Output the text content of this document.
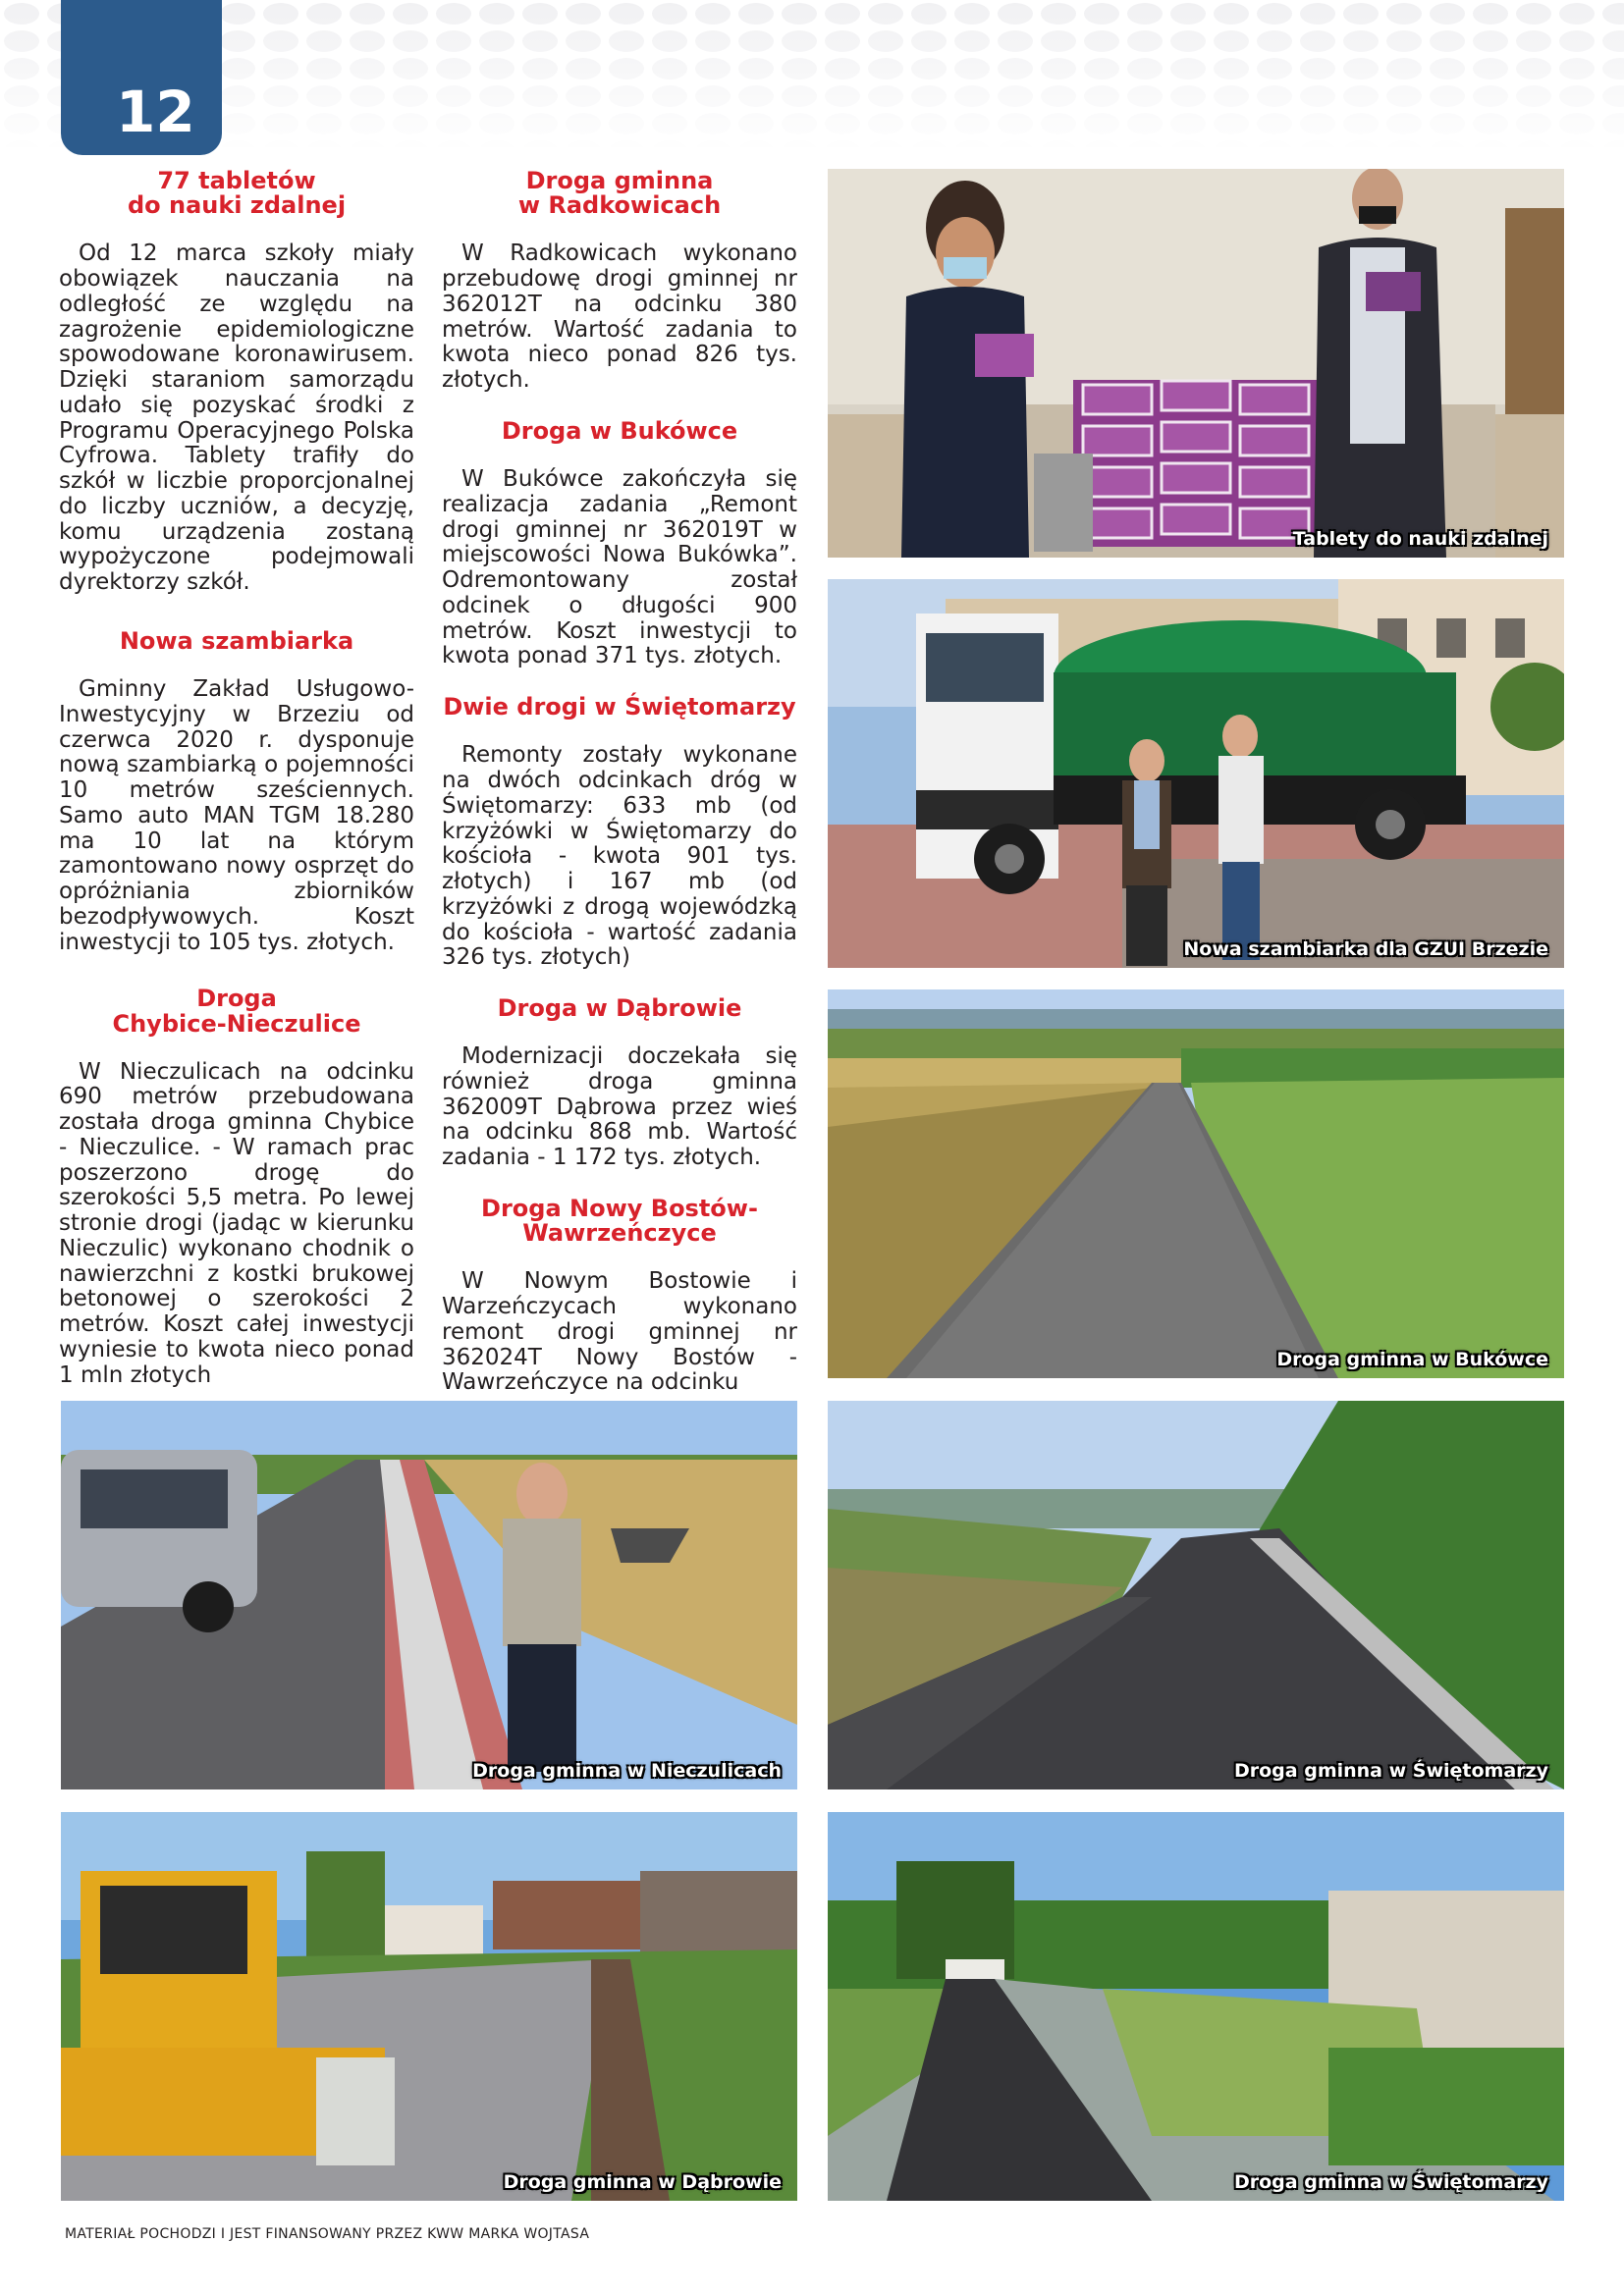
12
77 tabletów
do nauki zdalnej

Od 12 marca szkoły miały obowiązek nauczania na odległość ze względu na zagrożenie epidemiologiczne spowodowane koronawirusem. Dzięki staraniom samorządu udało się pozyskać środki z Programu Operacyjnego Polska Cyfrowa. Tablety trafiły do szkół w liczbie proporcjonalnej do liczby uczniów, a decyzję, komu urządzenia zostaną wypożyczone podejmowali dyrektorzy szkół.

Nowa szambiarka

Gminny Zakład Usługowo-Inwestycyjny w Brzeziu od czerwca 2020 r. dysponuje nową szambiarką o pojemności 10 metrów sześciennych. Samo auto MAN TGM 18.280 ma 10 lat na którym zamontowano nowy osprzęt do opróżniania zbiorników bezodpływowych. Koszt inwestycji to 105 tys. złotych.

Droga
Chybice-Nieczulice

W Nieczulicach na odcinku 690 metrów przebudowana została droga gminna Chybice - Nieczulice. - W ramach prac poszerzono drogę do szerokości 5,5 metra. Po lewej stronie drogi (jadąc w kierunku Nieczulic) wykonano chodnik o nawierzchni z kostki brukowej betonowej o szerokości 2 metrów. Koszt całej inwestycji wyniesie to kwota nieco ponad 1 mln złotych

Droga gminna
w Radkowicach

W Radkowicach wykonano przebudowę drogi gminnej nr 362012T na odcinku 380 metrów. Wartość zadania to kwota nieco ponad 826 tys. złotych.

Droga w Bukówce

W Bukówce zakończyła się realizacja zadania „Remont drogi gminnej nr 362019T w miejscowości Nowa Bukówka”. Odremontowany został odcinek o długości 900 metrów. Koszt inwestycji to kwota ponad 371 tys. złotych.

Dwie drogi w Świętomarzy

Remonty zostały wykonane na dwóch odcinkach dróg w Świętomarzy: 633 mb (od krzyżówki w Świętomarzy do kościoła - kwota 901 tys. złotych) i 167 mb (od krzyżówki z drogą wojewódzką do kościoła - wartość zadania 326 tys. złotych)

Droga w Dąbrowie

Modernizacji doczekała się również droga gminna 362009T Dąbrowa przez wieś na odcinku 868 mb. Wartość zadania - 1 172 tys. złotych.

Droga Nowy Bostów-
Wawrzeńczyce

W Nowym Bostowie i Warzeńczycach wykonano remont drogi gminnej nr 362024T Nowy Bostów - Wawrzeńczyce na odcinku

Tablety do nauki zdalnej
Nowa szambiarka dla GZUI Brzezie
Droga gminna w Bukówce
Droga gminna w Nieczulicach	Droga gminna w Świętomarzy
Droga gminna w Dąbrowie	Droga gminna w Świętomarzy
MATERIAŁ POCHODZI I JEST FINANSOWANY PRZEZ KWW MARKA WOJTASA
